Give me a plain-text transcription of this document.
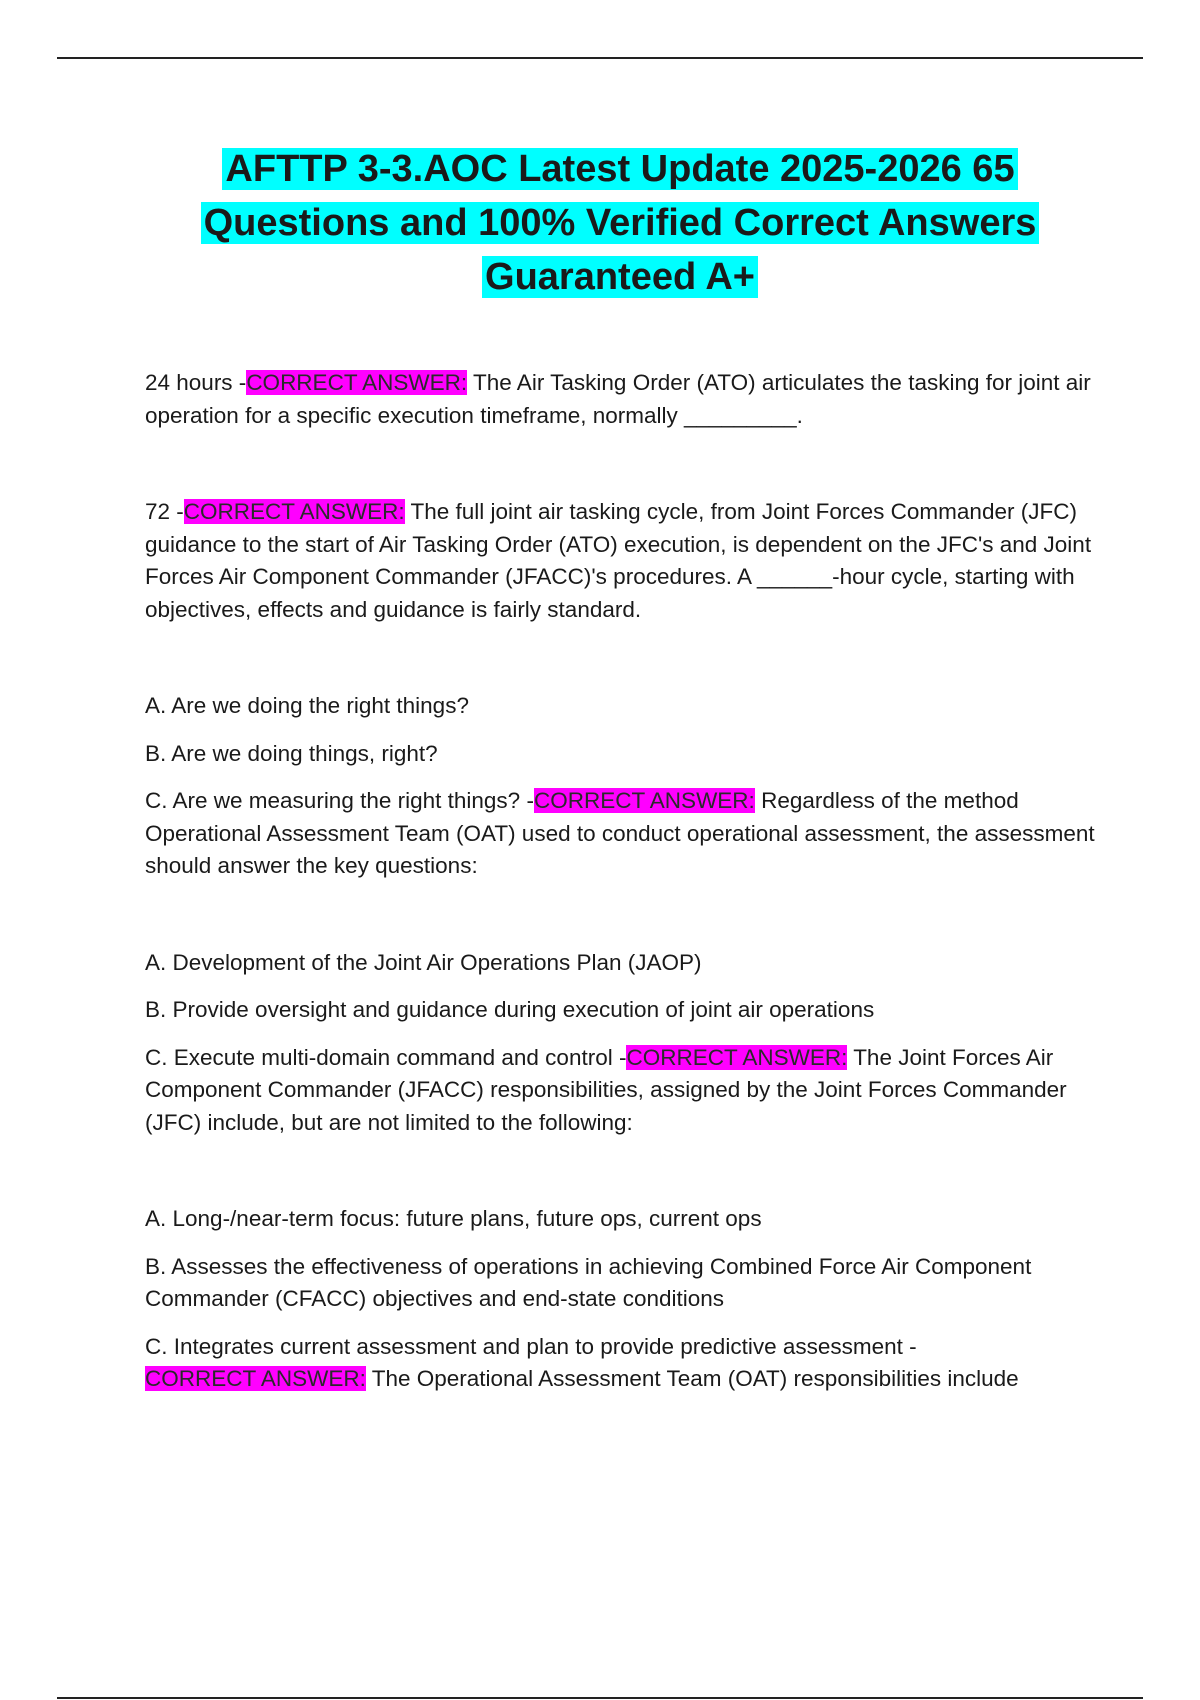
AFTTP 3-3.AOC Latest Update 2025-2026 65
Questions and 100% Verified Correct Answers
Guaranteed A+

24 hours -CORRECT ANSWER: The Air Tasking Order (ATO) articulates the tasking for joint air operation for a specific execution timeframe, normally _________.

72 -CORRECT ANSWER: The full joint air tasking cycle, from Joint Forces Commander (JFC) guidance to the start of Air Tasking Order (ATO) execution, is dependent on the JFC's and Joint Forces Air Component Commander (JFACC)'s procedures. A ______-hour cycle, starting with objectives, effects and guidance is fairly standard.

A. Are we doing the right things?

B. Are we doing things, right?

C. Are we measuring the right things? -CORRECT ANSWER: Regardless of the method Operational Assessment Team (OAT) used to conduct operational assessment, the assessment should answer the key questions:

A. Development of the Joint Air Operations Plan (JAOP)

B. Provide oversight and guidance during execution of joint air operations

C. Execute multi-domain command and control -CORRECT ANSWER: The Joint Forces Air Component Commander (JFACC) responsibilities, assigned by the Joint Forces Commander (JFC) include, but are not limited to the following:

A. Long-/near-term focus: future plans, future ops, current ops

B. Assesses the effectiveness of operations in achieving Combined Force Air Component Commander (CFACC) objectives and end-state conditions

C. Integrates current assessment and plan to provide predictive assessment -
CORRECT ANSWER: The Operational Assessment Team (OAT) responsibilities include
